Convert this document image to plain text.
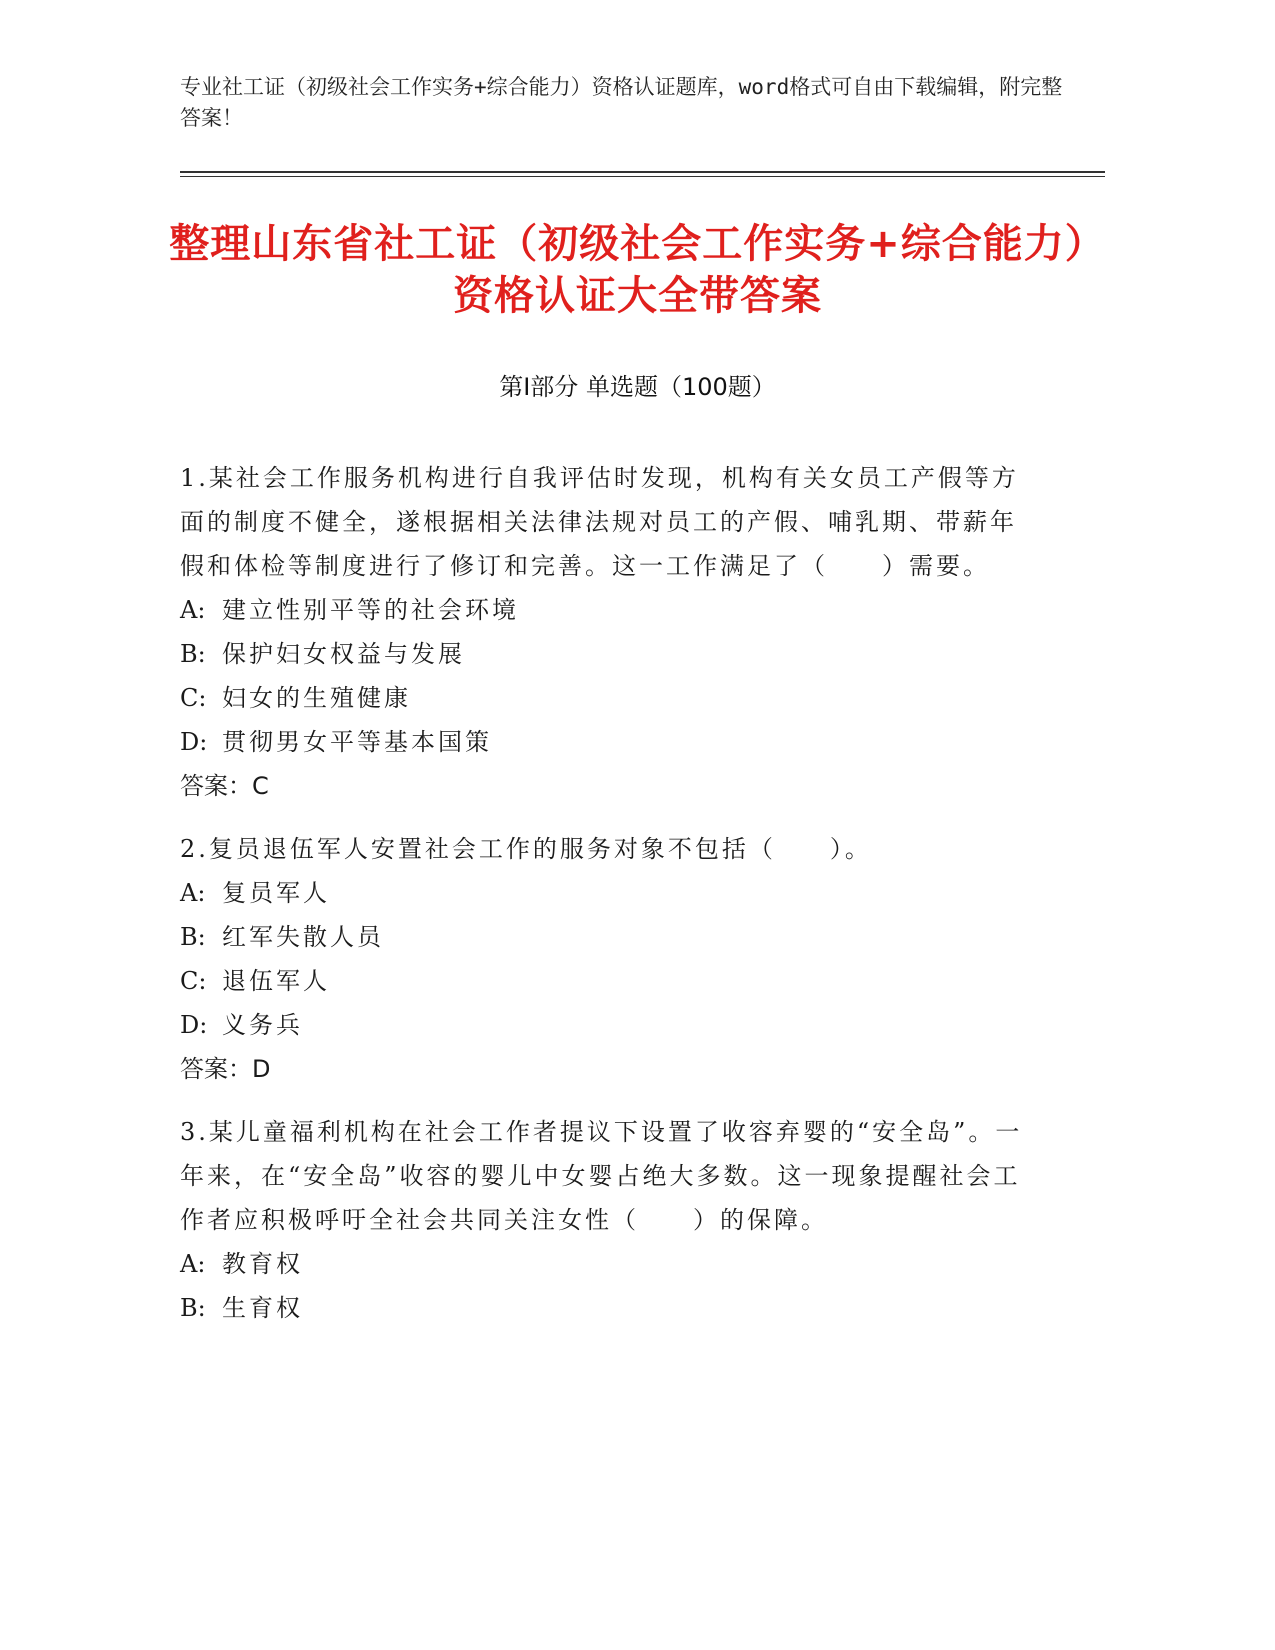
专业社工证（初级社会工作实务+综合能力）资格认证题库，word格式可自由下载编辑，附完整答案！
整理山东省社工证（初级社会工作实务+综合能力）资格认证大全带答案
第Ⅰ部分 单选题（100题）

1.某社会工作服务机构进行自我评估时发现，机构有关女员工产假等方面的制度不健全，遂根据相关法律法规对员工的产假、哺乳期、带薪年假和体检等制度进行了修订和完善。这一工作满足了（　　）需要。

A: 建立性别平等的社会环境

B: 保护妇女权益与发展

C: 妇女的生殖健康

D: 贯彻男女平等基本国策

答案：C

2.复员退伍军人安置社会工作的服务对象不包括（　　）。

A: 复员军人

B: 红军失散人员

C: 退伍军人

D: 义务兵

答案：D

3.某儿童福利机构在社会工作者提议下设置了收容弃婴的“安全岛”。一年来，在“安全岛”收容的婴儿中女婴占绝大多数。这一现象提醒社会工作者应积极呼吁全社会共同关注女性（　　）的保障。

A: 教育权

B: 生育权
